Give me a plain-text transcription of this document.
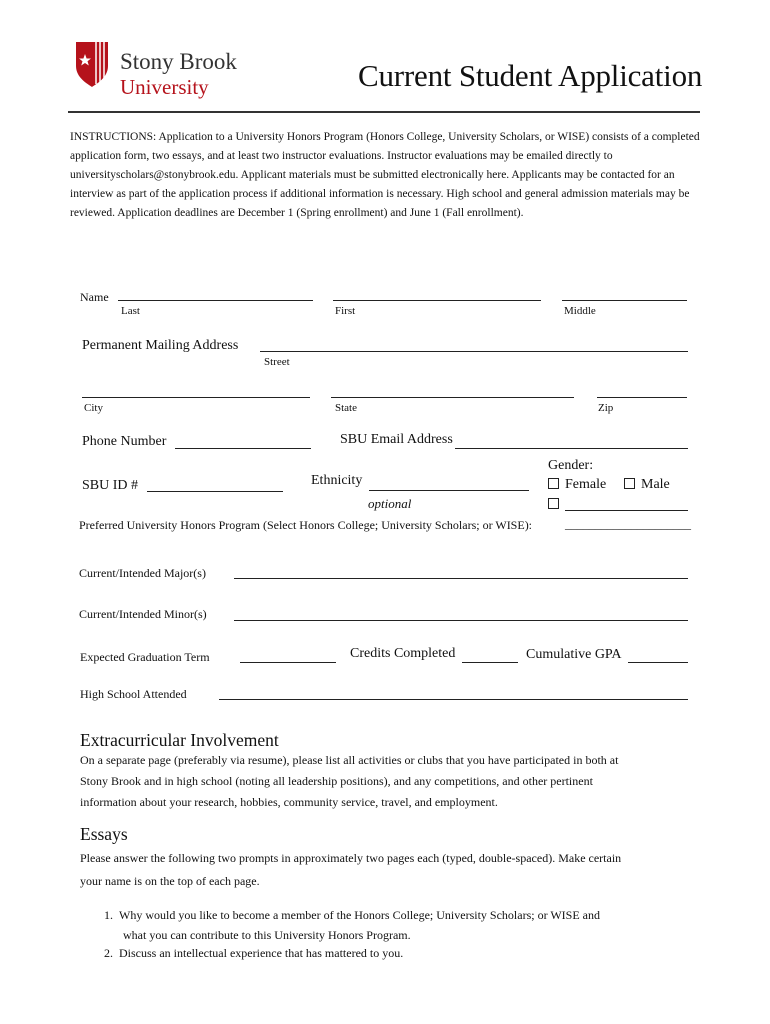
Stony Brook
University	Current Student Application
INSTRUCTIONS: Application to a University Honors Program (Honors College, University Scholars, or WISE) consists of a completed application form, two essays, and at least two instructor evaluations. Instructor evaluations may be emailed directly to universityscholars@stonybrook.edu. Applicant materials must be submitted electronically here. Applicants may be contacted for an interview as part of the application process if additional information is necessary. High school and general admission materials may be reviewed. Application deadlines are December 1 (Spring enrollment) and June 1 (Fall enrollment).
Name
Last	First	Middle
Permanent Mailing Address
Street
City	State	Zip
Phone Number	SBU Email Address
SBU ID #	Ethnicity
optional
Gender:
Female	Male
Preferred University Honors Program (Select Honors College; University Scholars; or WISE):	_____________________
Current/Intended Major(s)
Current/Intended Minor(s)
Expected Graduation Term	Credits Completed	Cumulative GPA
High School Attended
Extracurricular Involvement
On a separate page (preferably via resume), please list all activities or clubs that you have participated in both at
Stony Brook and in high school (noting all leadership positions), and any competitions, and other pertinent
information about your research, hobbies, community service, travel, and employment.
Essays
Please answer the following two prompts in approximately two pages each (typed, double-spaced). Make certain
your name is on the top of each page.
1. Why would you like to become a member of the Honors College; University Scholars; or WISE and
what you can contribute to this University Honors Program.
2. Discuss an intellectual experience that has mattered to you.
